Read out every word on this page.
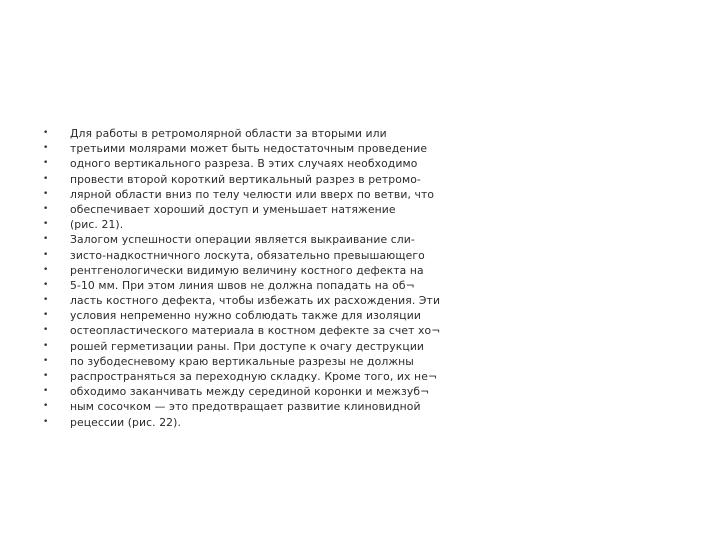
• Для работы в ретромолярной области за вторыми или
• третьими молярами может быть недостаточным проведение
• одного вертикального разреза. В этих случаях необходимо
• провести второй короткий вертикальный разрез в ретромо-
• лярной области вниз по телу челюсти или вверх по ветви, что
• обеспечивает хороший доступ и уменьшает натяжение
• (рис. 21).
• Залогом успешности операции является выкраивание сли-
• зисто-надкостничного лоскута, обязательно превышающего
• рентгенологически видимую величину костного дефекта на
• 5-10 мм. При этом линия швов не должна попадать на об¬
• ласть костного дефекта, чтобы избежать их расхождения. Эти
• условия непременно нужно соблюдать также для изоляции
• остеопластического материала в костном дефекте за счет хо¬
• рошей герметизации раны. При доступе к очагу деструкции
• по зубодесневому краю вертикальные разрезы не должны
• распространяться за переходную складку. Кроме того, их не¬
• обходимо заканчивать между серединой коронки и межзуб¬
• ным сосочком — это предотвращает развитие клиновидной
• рецессии (рис. 22).
